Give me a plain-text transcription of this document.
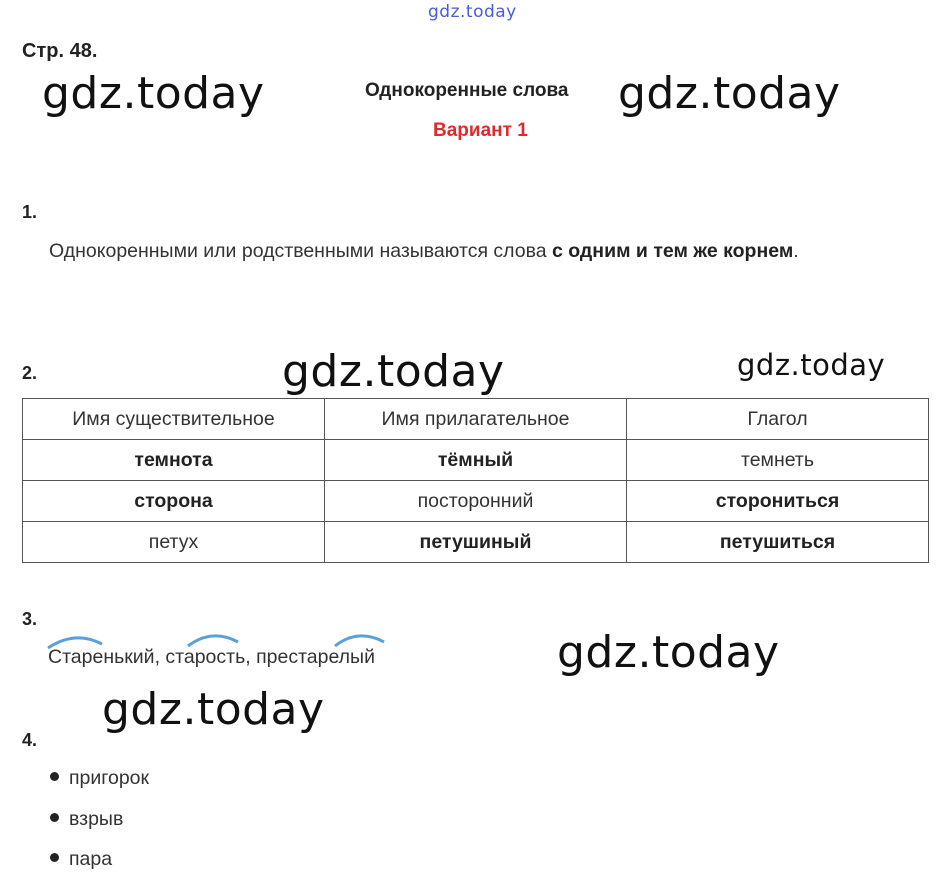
gdz.today
gdz.today	gdz.today
gdz.today	gdz.today
gdz.today
gdz.today
Стр. 48.
Однокоренные слова
Вариант 1
1.
Однокоренными или родственными называются слова с одним и тем же корнем.
2.
Имя существительное	Имя прилагательное	Глагол
темнота	тёмный	темнеть
сторона	посторонний	сторониться
петух	петушиный	петушиться
3.
Старенький, старость, престарелый
4.
пригорок
взрыв
пара
